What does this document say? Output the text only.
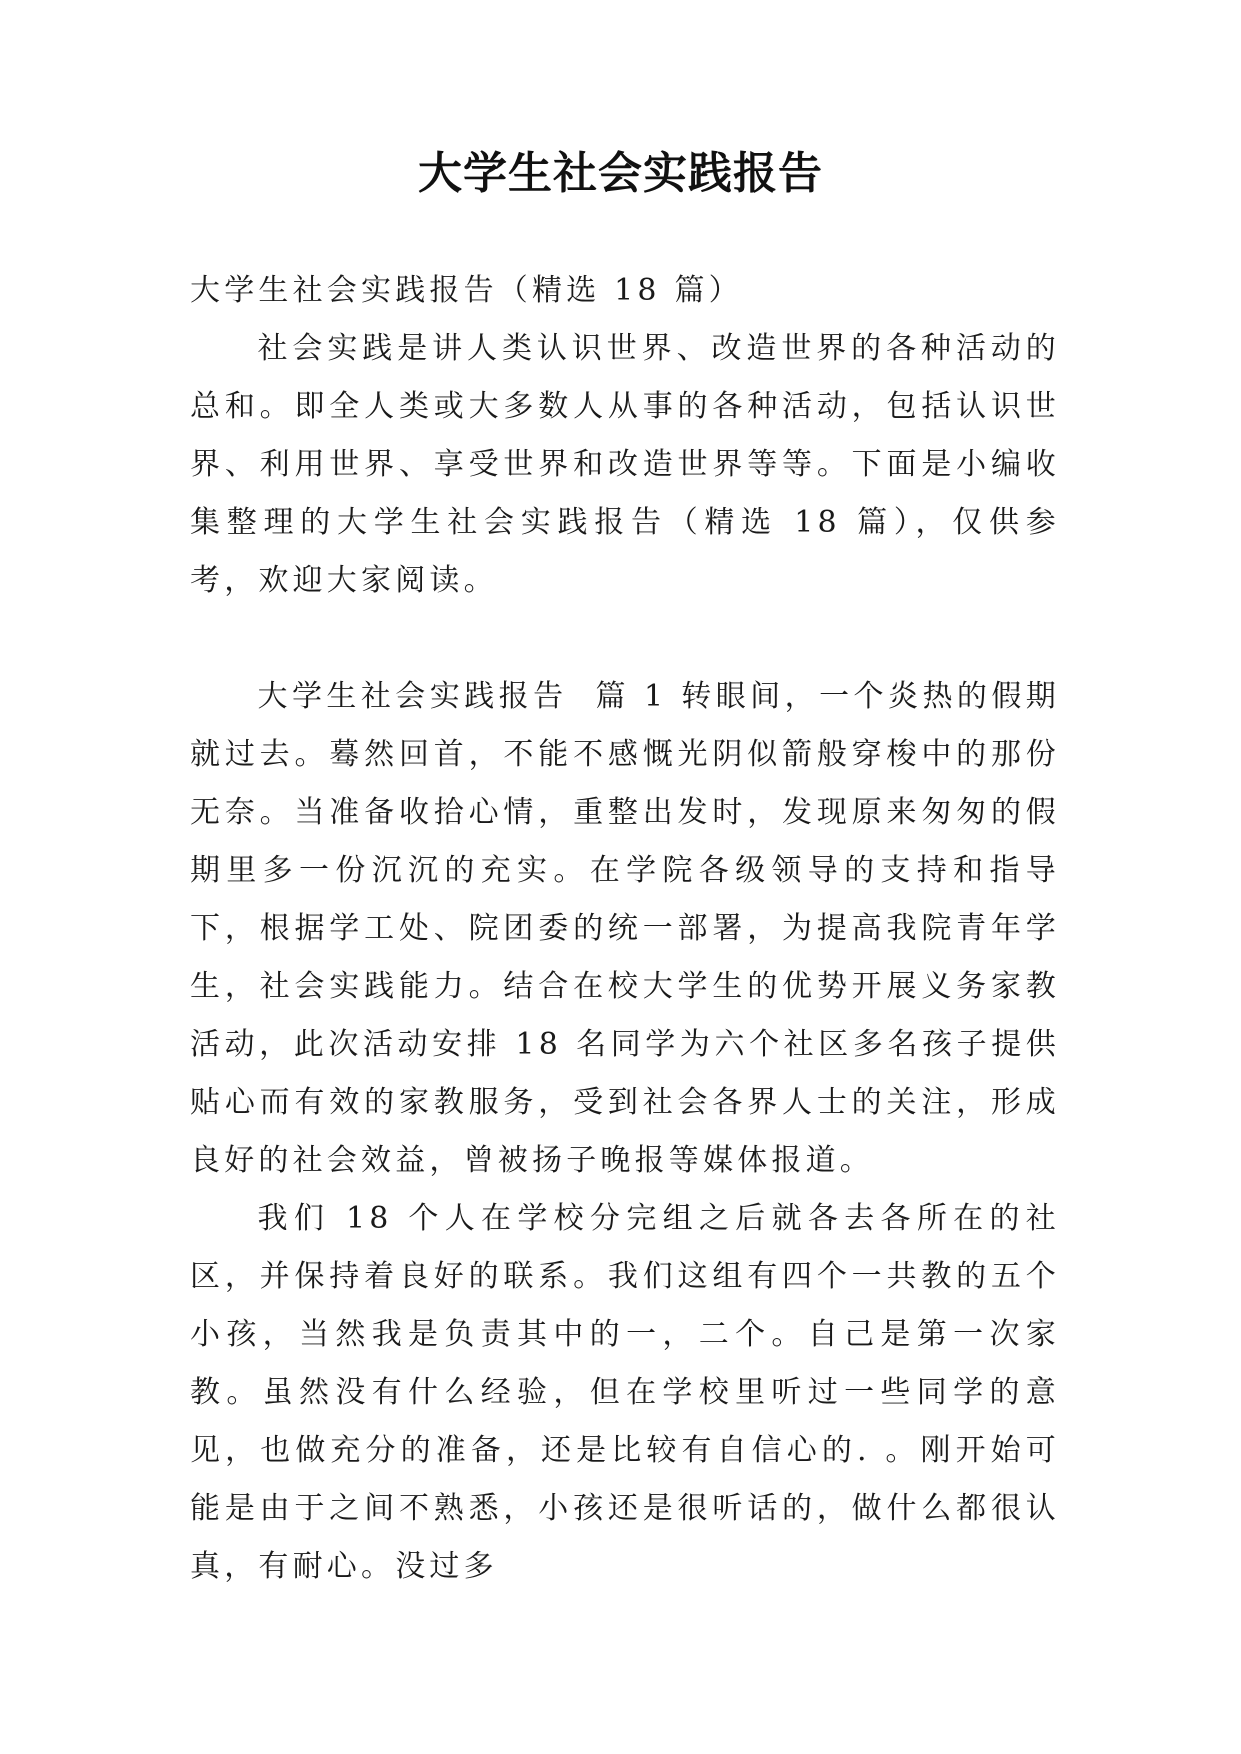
大学生社会实践报告

大学生社会实践报告（精选 18 篇）

社会实践是讲人类认识世界、改造世界的各种活动的总和。即全人类或大多数人从事的各种活动，包括认识世界、利用世界、享受世界和改造世界等等。下面是小编收集整理的大学生社会实践报告（精选 18 篇），仅供参考，欢迎大家阅读。

大学生社会实践报告  篇 1 转眼间，一个炎热的假期就过去。蓦然回首，不能不感慨光阴似箭般穿梭中的那份无奈。当准备收拾心情，重整出发时，发现原来匆匆的假期里多一份沉沉的充实。在学院各级领导的支持和指导下，根据学工处、院团委的统一部署，为提高我院青年学生，社会实践能力。结合在校大学生的优势开展义务家教活动，此次活动安排 18 名同学为六个社区多名孩子提供贴心而有效的家教服务，受到社会各界人士的关注，形成良好的社会效益，曾被扬子晚报等媒体报道。

我们 18 个人在学校分完组之后就各去各所在的社区，并保持着良好的联系。我们这组有四个一共教的五个小孩，当然我是负责其中的一，二个。自己是第一次家教。虽然没有什么经验，但在学校里听过一些同学的意见，也做充分的准备，还是比较有自信心的. 。刚开始可能是由于之间不熟悉，小孩还是很听话的，做什么都很认真，有耐心。没过多
